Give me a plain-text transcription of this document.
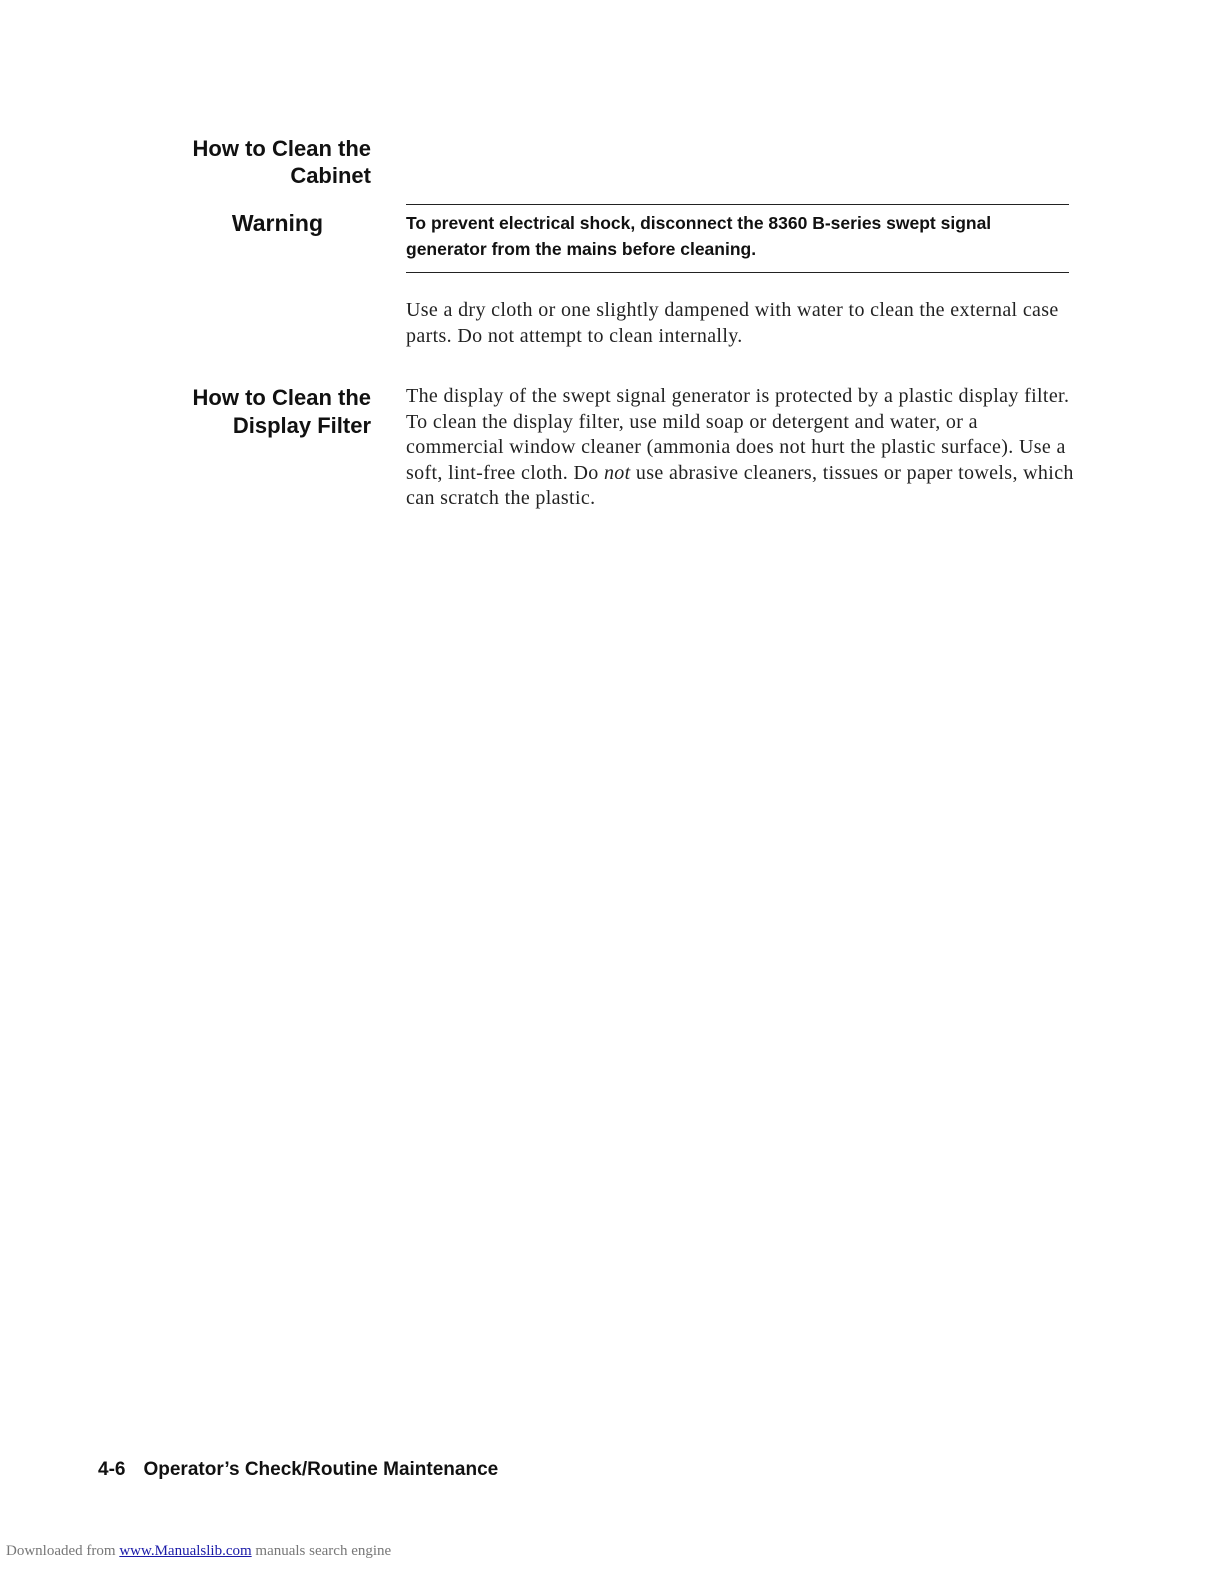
How to Clean the
Cabinet
Warning	To prevent electrical shock, disconnect the 8360 B-series swept signal generator from the mains before cleaning.

Use a dry cloth or one slightly dampened with water to clean the external case parts. Do not attempt to clean internally.

How to Clean the
Display Filter

The display of the swept signal generator is protected by a plastic display filter. To clean the display filter, use mild soap or detergent and water, or a commercial window cleaner (ammonia does not hurt the plastic surface). Use a soft, lint-free cloth. Do not use abrasive cleaners, tissues or paper towels, which can scratch the plastic.

4-6 Operator’s Check/Routine Maintenance
Downloaded from www.Manualslib.com manuals search engine
